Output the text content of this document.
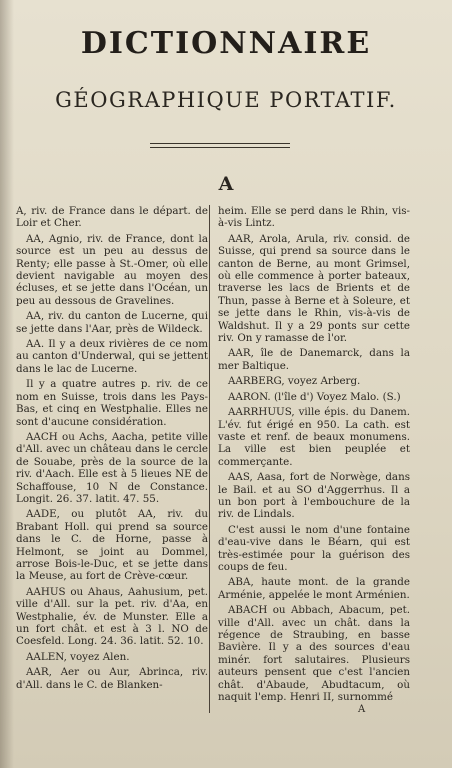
DICTIONNAIRE
GÉOGRAPHIQUE PORTATIF.
A

A, riv. de France dans le départ. de Loir et Cher.

AA, Agnio, riv. de France, dont la source est un peu au dessus de Renty; elle passe à St.-Omer, où elle devient navigable au moyen des écluses, et se jette dans l'Océan, un peu au dessous de Gravelines.

AA, riv. du canton de Lucerne, qui se jette dans l'Aar, près de Wildeck.

AA. Il y a deux rivières de ce nom au canton d'Underwal, qui se jettent dans le lac de Lucerne.

Il y a quatre autres p. riv. de ce nom en Suisse, trois dans les Pays-Bas, et cinq en Westphalie. Elles ne sont d'aucune considération.

AACH ou Achs, Aacha, petite ville d'All. avec un château dans le cercle de Souabe, près de la source de la riv. d'Aach. Elle est à 5 lieues NE de Schaffouse, 10 N de Constance. Longit. 26. 37. latit. 47. 55.

AADE, ou plutôt AA, riv. du Brabant Holl. qui prend sa source dans le C. de Horne, passe à Helmont, se joint au Dommel, arrose Bois-le-Duc, et se jette dans la Meuse, au fort de Crève-cœur.

AAHUS ou Ahaus, Aahusium, pet. ville d'All. sur la pet. riv. d'Aa, en Westphalie, év. de Munster. Elle a un fort chât. et est à 3 l. NO de Coesfeld. Long. 24. 36. latit. 52. 10.

AALEN, voyez Alen.

AAR, Aer ou Aur, Abrinca, riv. d'All. dans le C. de Blanken-

heim. Elle se perd dans le Rhin, vis-à-vis Lintz.

AAR, Arola, Arula, riv. consid. de Suisse, qui prend sa source dans le canton de Berne, au mont Grimsel, où elle commence à porter bateaux, traverse les lacs de Brients et de Thun, passe à Berne et à Soleure, et se jette dans le Rhin, vis-à-vis de Waldshut. Il y a 29 ponts sur cette riv. On y ramasse de l'or.

AAR, île de Danemarck, dans la mer Baltique.

AARBERG, voyez Arberg.

AARON. (l'île d') Voyez Malo. (S.)

AARRHUUS, ville épis. du Danem. L'év. fut érigé en 950. La cath. est vaste et renf. de beaux monumens. La ville est bien peuplée et commerçante.

AAS, Aasa, fort de Norwège, dans le Bail. et au SO d'Aggerrhus. Il a un bon port à l'embouchure de la riv. de Lindals.

C'est aussi le nom d'une fontaine d'eau-vive dans le Béarn, qui est très-estimée pour la guérison des coups de feu.

ABA, haute mont. de la grande Arménie, appelée le mont Arménien.

ABACH ou Abbach, Abacum, pet. ville d'All. avec un chât. dans la régence de Straubing, en basse Bavière. Il y a des sources d'eau minér. fort salutaires. Plusieurs auteurs pensent que c'est l'ancien chât. d'Abaude, Abudtacum, où naquit l'emp. Henri II, surnommé

A
